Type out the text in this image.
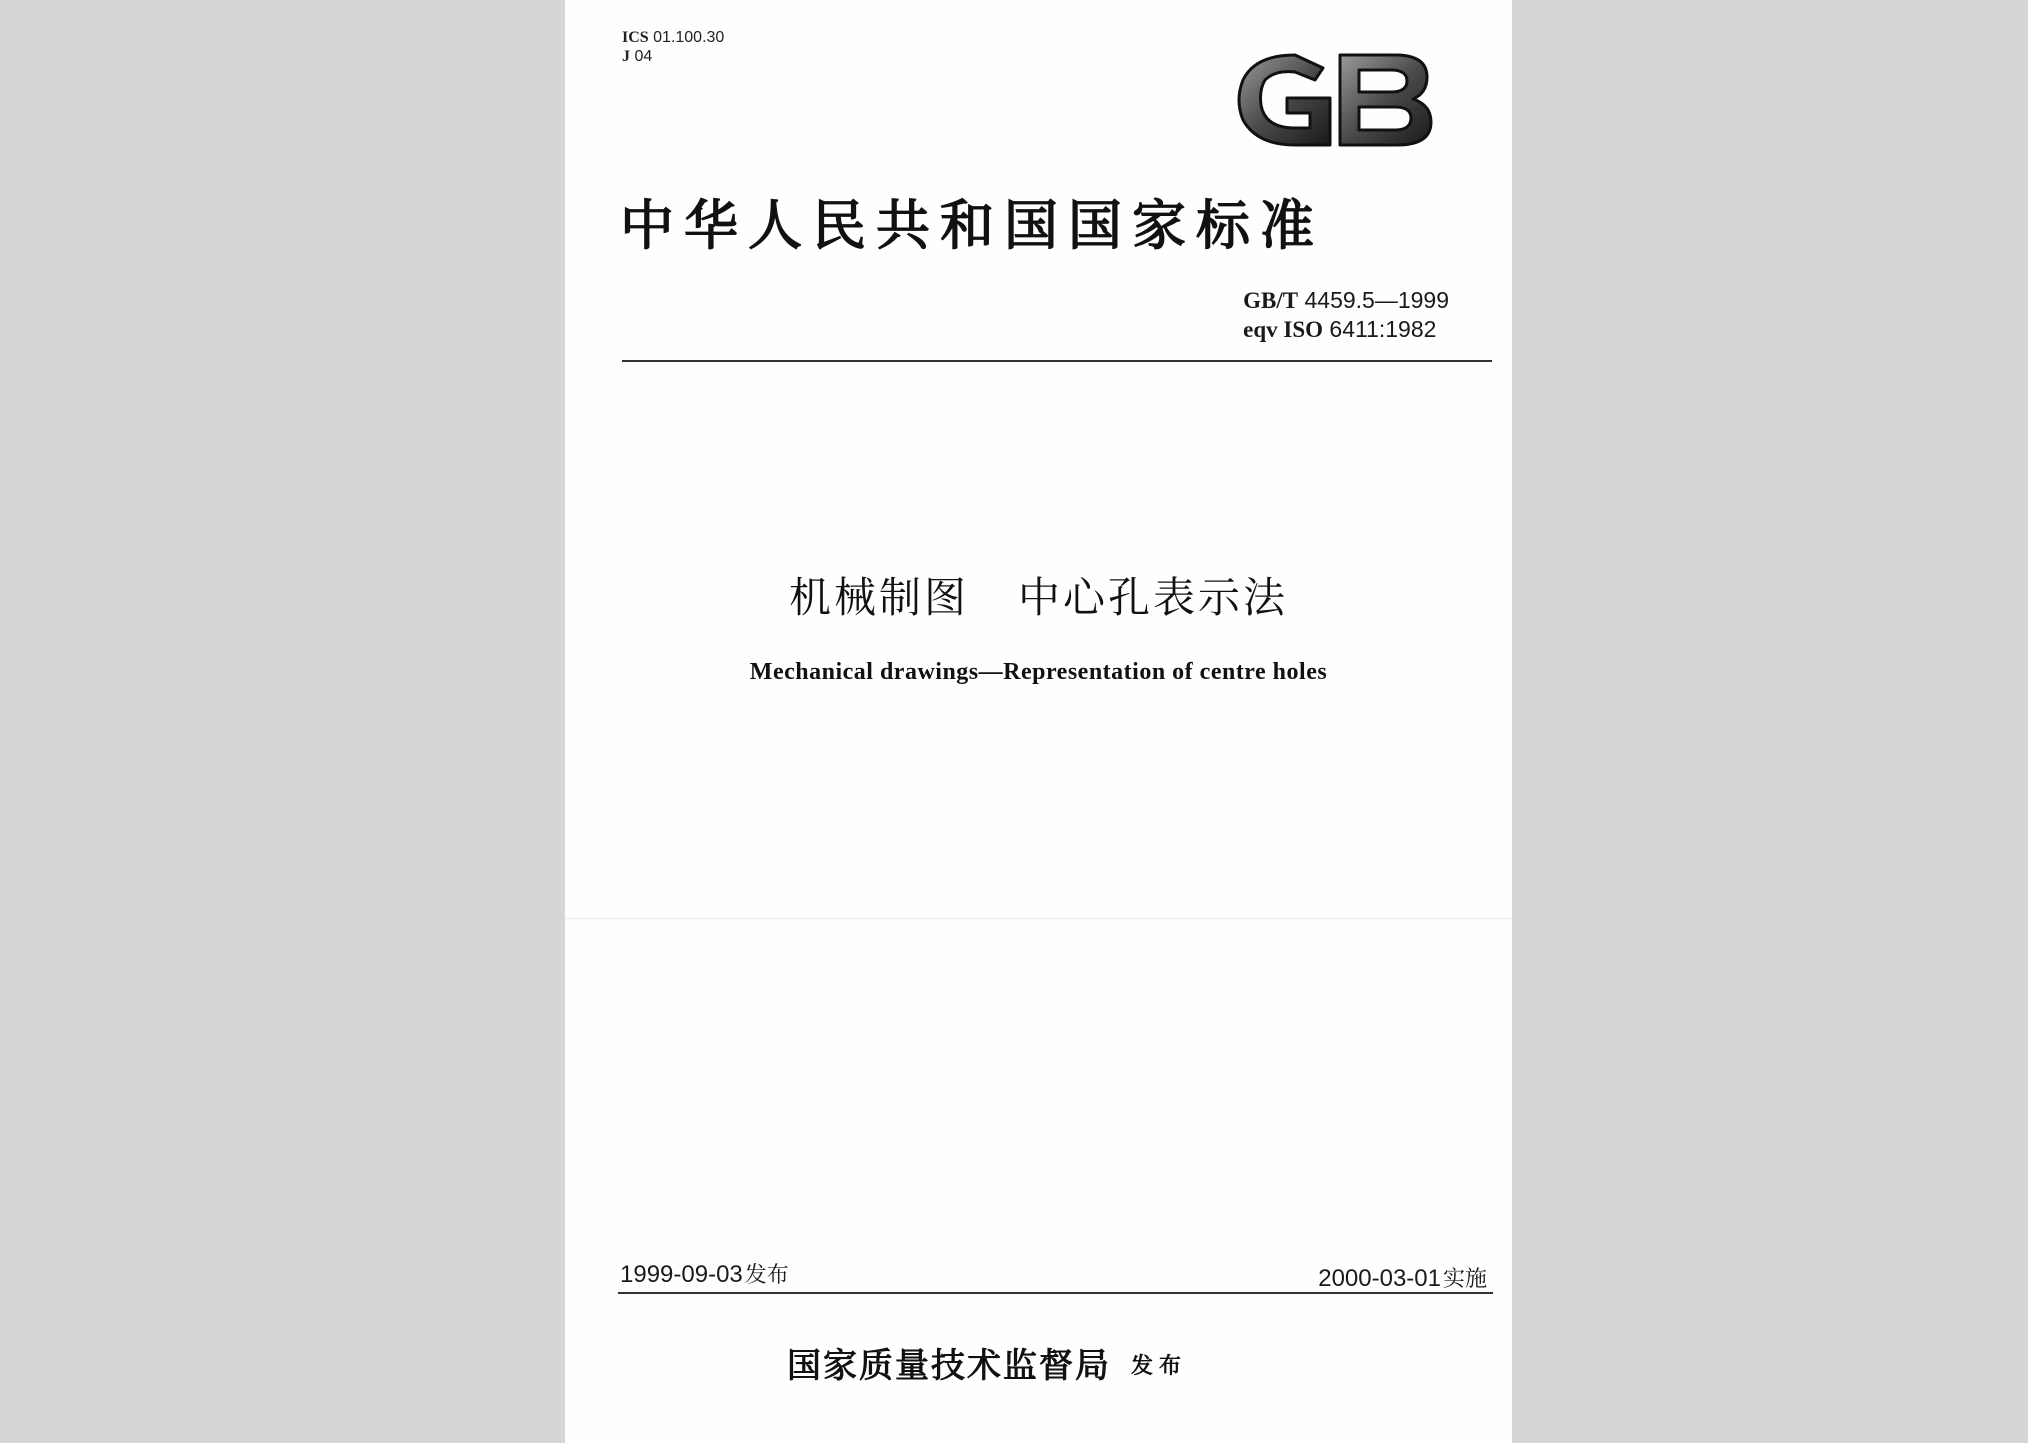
ICS 01.100.30
J 04
中华人民共和国国家标准
GB/T 4459.5—1999
eqv ISO 6411:1982
机械制图   中心孔表示法
Mechanical drawings—Representation of centre holes
1999-09-03发布	2000-03-01实施
国家质量技术监督局 发布
